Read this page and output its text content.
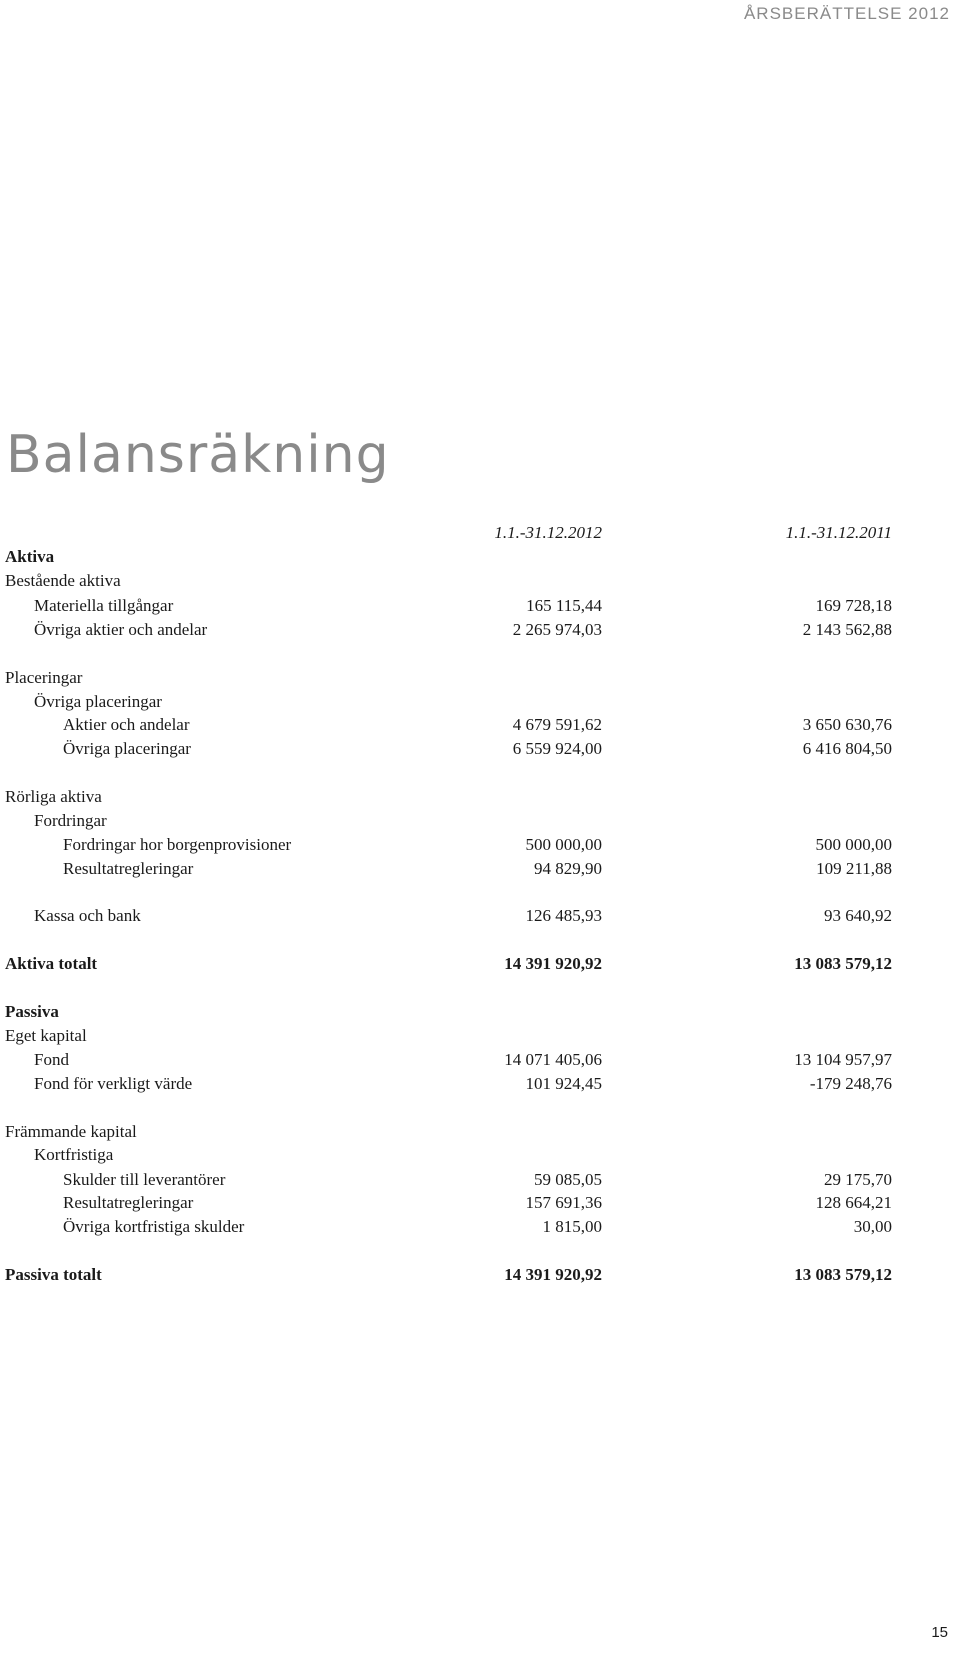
ÅRSBERÄTTELSE 2012
Balansräkning
1.1.-31.12.2012	1.1.-31.12.2011
Aktiva
Bestående aktiva
Materiella tillgångar	165 115,44	169 728,18
Övriga aktier och andelar	2 265 974,03	2 143 562,88
Placeringar
Övriga placeringar
Aktier och andelar	4 679 591,62	3 650 630,76
Övriga placeringar	6 559 924,00	6 416 804,50
Rörliga aktiva
Fordringar
Fordringar hor borgenprovisioner	500 000,00	500 000,00
Resultatregleringar	94 829,90	109 211,88
Kassa och bank	126 485,93	93 640,92
Aktiva totalt	14 391 920,92	13 083 579,12
Passiva
Eget kapital
Fond	14 071 405,06	13 104 957,97
Fond för verkligt värde	101 924,45	-179 248,76
Främmande kapital
Kortfristiga
Skulder till leverantörer	59 085,05	29 175,70
Resultatregleringar	157 691,36	128 664,21
Övriga kortfristiga skulder	1 815,00	30,00
Passiva totalt	14 391 920,92	13 083 579,12
15
